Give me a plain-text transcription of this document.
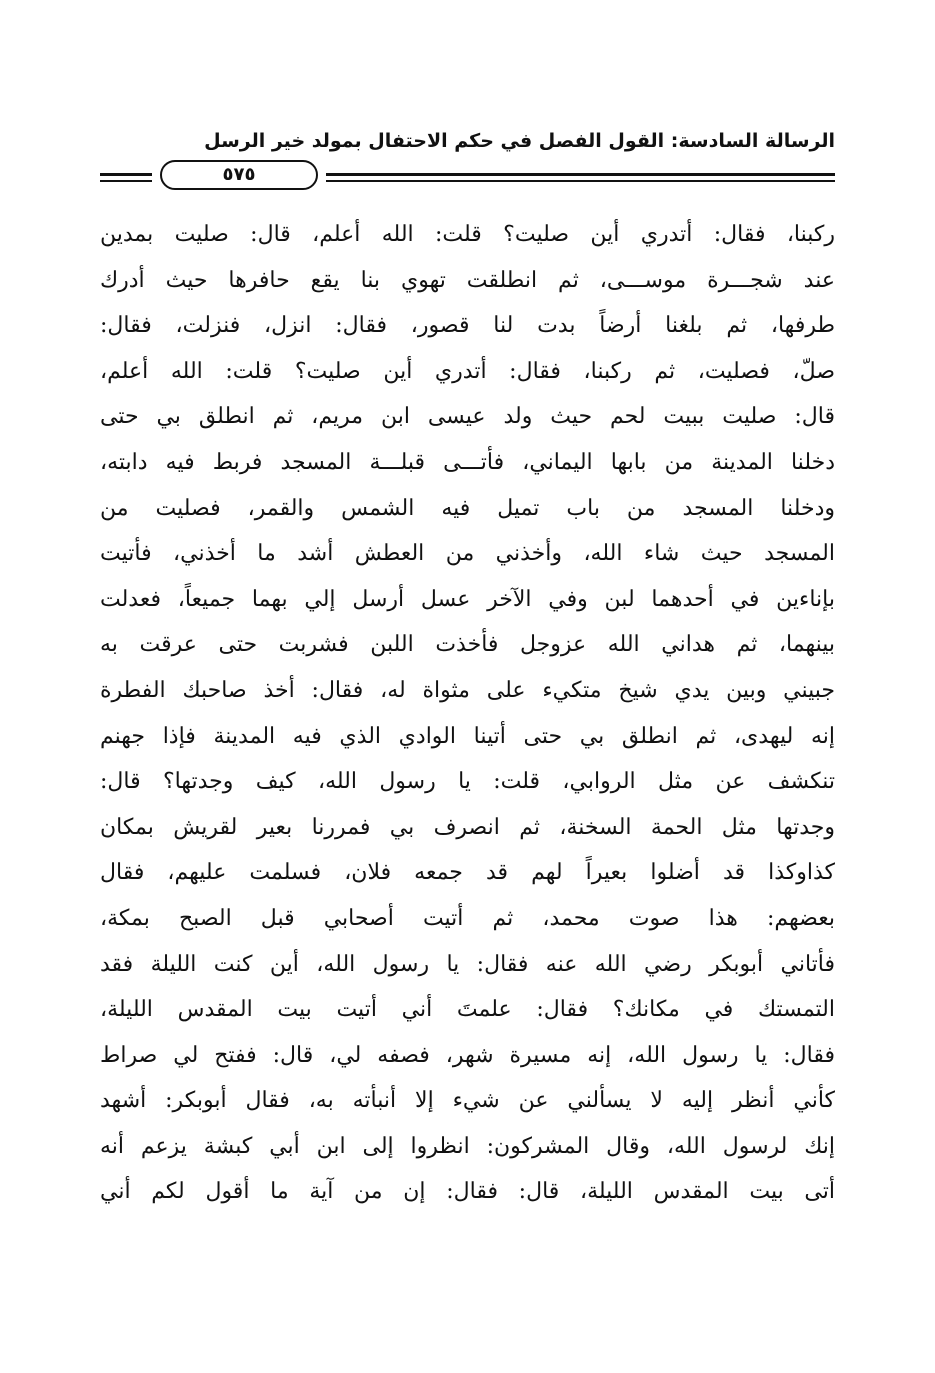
الرسالة السادسة: القول الفصل في حكم الاحتفال بمولد خير الرسل
٥٧٥
ركبنا، فقال: أتدري أين صليت؟ قلت: الله أعلم، قال: صليت بمدين
عند شجـــرة موســـى، ثم انطلقت تهوي بنا يقع حافرها حيث أدرك
طرفها، ثم بلغنا أرضاً بدت لنا قصور، فقال: انزل، فنزلت، فقال:
صلّ، فصليت، ثم ركبنا، فقال: أتدري أين صليت؟ قلت: الله أعلم،
قال: صليت ببيت لحم حيث ولد عيسى ابن مريم، ثم انطلق بي حتى
دخلنا المدينة من بابها اليماني، فأتـــى قبلـــة المسجد فربط فيه دابته،
ودخلنا المسجد من باب تميل فيه الشمس والقمر، فصليت من
المسجد حيث شاء الله، وأخذني من العطش أشد ما أخذني، فأتيت
بإناءين في أحدهما لبن وفي الآخر عسل أرسل إلي بهما جميعاً، فعدلت
بينهما، ثم هداني الله عزوجل فأخذت اللبن فشربت حتى عرقت به
جبيني وبين يدي شيخ متكيء على مثواة له، فقال: أخذ صاحبك الفطرة
إنه ليهدى، ثم انطلق بي حتى أتينا الوادي الذي فيه المدينة فإذا جهنم
تنكشف عن مثل الروابي، قلت: يا رسول الله، كيف وجدتها؟ قال:
وجدتها مثل الحمة السخنة، ثم انصرف بي فمررنا بعير لقريش بمكان
كذاوكذا قد أضلوا بعيراً لهم قد جمعه فلان، فسلمت عليهم، فقال
بعضهم: هذا صوت محمد، ثم أتيت أصحابي قبل الصبح بمكة،
فأتاني أبوبكر رضي الله عنه فقال: يا رسول الله، أين كنت الليلة فقد
التمستك في مكانك؟ فقال: علمتَ أني أتيت بيت المقدس الليلة،
فقال: يا رسول الله، إنه مسيرة شهر، فصفه لي، قال: ففتح لي صراط
كأني أنظر إليه لا يسألني عن شيء إلا أنبأته به، فقال أبوبكر: أشهد
إنك لرسول الله، وقال المشركون: انظروا إلى ابن أبي كبشة يزعم أنه
أتى بيت المقدس الليلة، قال: فقال: إن من آية ما أقول لكم أني
